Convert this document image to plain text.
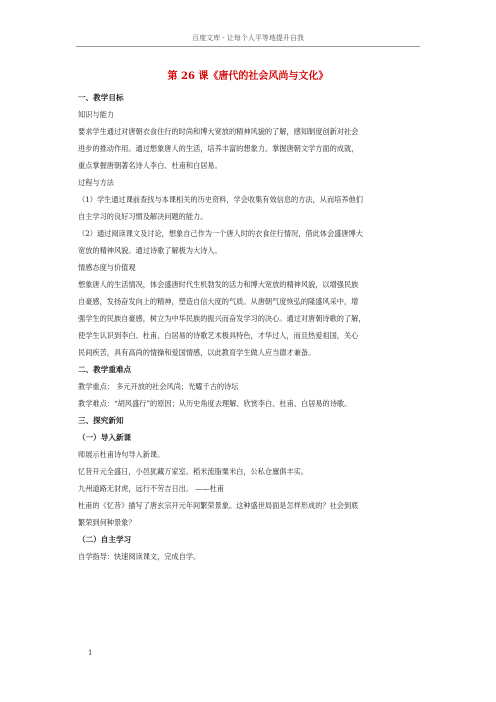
百度文库 - 让每个人平等地提升自我
第 26 课《唐代的社会风尚与文化》

一、教学目标

知识与能力

要求学生通过对唐朝衣食住行的时尚和博大宽放的精神风貌的了解，感知制度创新对社会

进步的推动作用。通过想象唐人的生活，培养丰富的想象力。掌握唐朝文学方面的成就，

重点掌握唐朝著名诗人李白、杜甫和白居易。

过程与方法

（1）学生通过课前查找与本课相关的历史资料，学会收集有效信息的方法，从而培养他们

自主学习的良好习惯及解决问题的能力。

（2）通过阅读课文及讨论，想象自己作为一个唐人时的衣食住行情况，借此体会盛唐博大

宽放的精神风貌。通过诗歌了解极为大诗人。

情感态度与价值观

想象唐人的生活情况，体会盛唐时代生机勃发的活力和博大宽放的精神风貌，以增强民族

自豪感，发扬奋发向上的精神，塑造自信大度的气质。从唐朝气度恢弘的隆盛风采中，增

强学生的民族自豪感，树立为中华民族的振兴而奋发学习的决心。通过对唐朝诗歌的了解，

使学生认识到李白、杜甫、白居易的诗歌艺术极具特色，才华过人，而且热爱祖国，关心

民间疾苦，具有高尚的情操和爱国情感，以此教育学生做人应当德才兼备。

二、教学重难点

教学重点： 多元开放的社会风尚；光耀千古的诗坛

教学难点：“胡风盛行”的原因；从历史角度去理解、欣赏李白、杜甫、白居易的诗歌。

三、探究新知

（一）导入新课

师展示杜甫诗句导入新课。

忆昔开元全盛日，小邑犹藏万家室。稻米流脂粟米白，公私仓廪俱丰实。

九州道路无豺虎，远行不劳吉日出。 ——杜甫

杜甫的《忆昔》描写了唐玄宗开元年间繁荣景象。这种盛世局面是怎样形成的？社会到底

繁荣到何种景象？

（二）自主学习

自学指导：快速阅读课文，完成自学。

1
